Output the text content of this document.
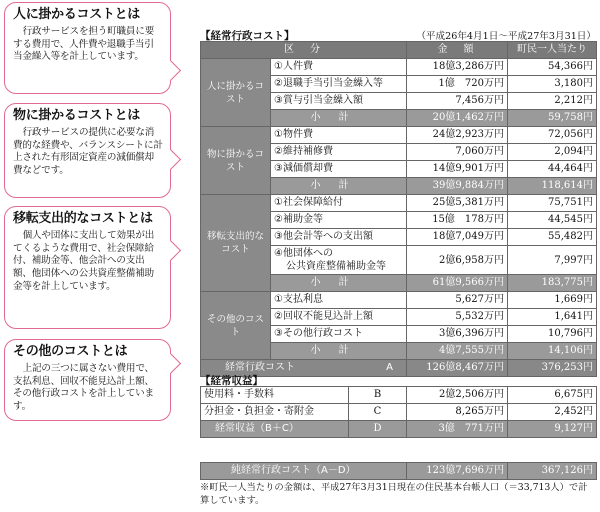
人に掛かるコストとは
行政サービスを担う町職員に要する費用で、人件費や退職手当引当金繰入等を計上しています。
物に掛かるコストとは
行政サービスの提供に必要な消費的な経費や、バランスシートに計上された有形固定資産の減価償却費などです。
移転支出的なコストとは
個人や団体に支出して効果が出てくるような費用で、社会保障給付、補助金等、他会計への支出額、他団体への公共資産整備補助金等を計上しています。
その他のコストとは
上記の三つに属さない費用で、支払利息、回収不能見込計上額、その他行政コストを計上しています。
【経常行政コスト】	（平成26年4月1日～平成27年3月31日）
区　分		金　額	町民一人当たり
人に掛かるコスト	①人件費	18億3,286万円	54,366円
	②退職手当引当金繰入等	1億　720万円	3,180円
	③賞与引当金繰入額	7,456万円	2,212円
	小計	20億1,462万円	59,758円
物に掛かるコスト	①物件費	24億2,923万円	72,056円
	②維持補修費	7,060万円	2,094円
	③減価償却費	14億9,901万円	44,464円
	小計	39億9,884万円	118,614円
移転支出的なコスト	①社会保障給付	25億5,381万円	75,751円
	②補助金等	15億　178万円	44,545円
	③他会計等への支出額	18億7,049万円	55,482円

	④他団体への
公共資産整備補助金等	2億6,958万円	7,997円
	小計	61億9,566万円	183,775円
その他のコスト	①支払利息	5,627万円	1,669円
	②回収不能見込計上額	5,532万円	1,641円
	③その他行政コスト	3億6,396万円	10,796円
	小計	4億7,555万円	14,106円
経常行政コスト A		126億8,467万円	376,253円
【経常収益】
使用料・手数料	B	2億2,506万円	6,675円
分担金・負担金・寄附金	C	8,265万円	2,452円
経常収益（B＋C）	D	3億　771万円	9,127円
純経常行政コスト（A－D）	123億7,696万円	367,126円
※町民一人当たりの金額は、平成27年3月31日現在の住民基本台帳人口（＝33,713人）で計算しています。
